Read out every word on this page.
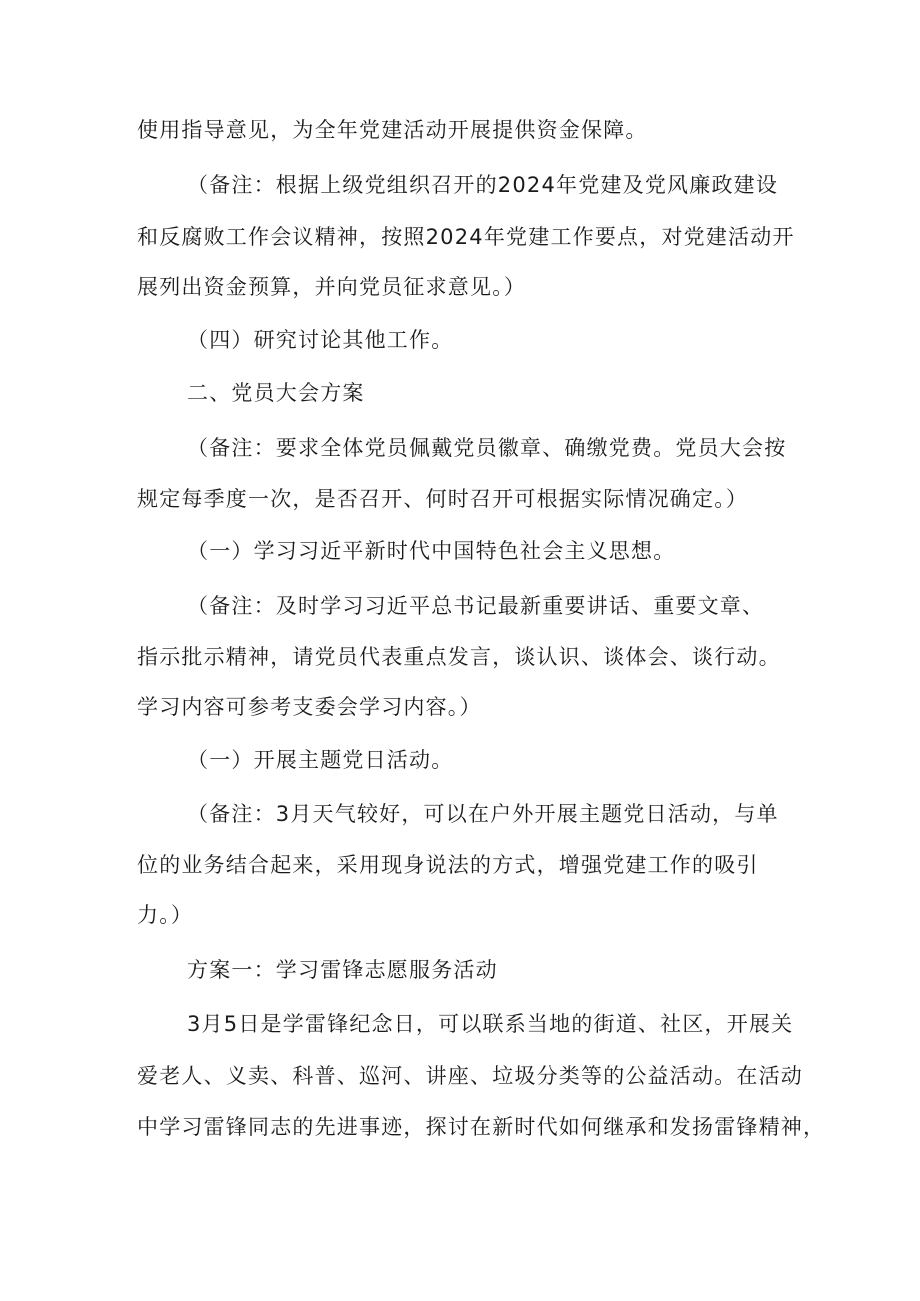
使用指导意见，为全年党建活动开展提供资金保障。
（备注：根据上级党组织召开的2024年党建及党风廉政建设
和反腐败工作会议精神，按照2024年党建工作要点，对党建活动开
展列出资金预算，并向党员征求意见。）
（四）研究讨论其他工作。
二、党员大会方案
（备注：要求全体党员佩戴党员徽章、确缴党费。党员大会按
规定每季度一次，是否召开、何时召开可根据实际情况确定。）
（一）学习习近平新时代中国特色社会主义思想。
（备注：及时学习习近平总书记最新重要讲话、重要文章、
指示批示精神，请党员代表重点发言，谈认识、谈体会、谈行动。
学习内容可参考支委会学习内容。）
（一）开展主题党日活动。
（备注：3月天气较好，可以在户外开展主题党日活动，与单
位的业务结合起来，采用现身说法的方式，增强党建工作的吸引
力。）
方案一：学习雷锋志愿服务活动
3月5日是学雷锋纪念日，可以联系当地的街道、社区，开展关
爱老人、义卖、科普、巡河、讲座、垃圾分类等的公益活动。在活动
中学习雷锋同志的先进事迹，探讨在新时代如何继承和发扬雷锋精神，
